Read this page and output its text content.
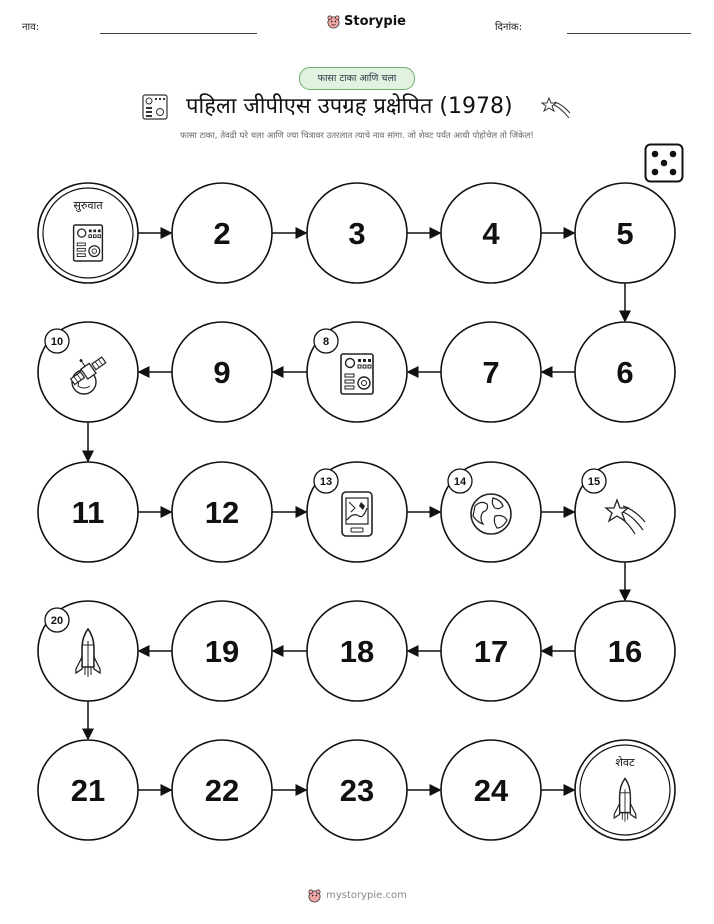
नाव:	Storypie	दिनांक:
फासा टाका आणि चला
पहिला जीपीएस उपग्रह प्रक्षेपित (1978)
फासा टाका, तेवढी घरे चला आणि ज्या चित्रावर उतरलात त्याचे नाव सांगा. जो शेवट पर्यंत आधी पोहोचेल तो जिंकेल!
सुरुवात
2	3	4	5
6
7
8
9
10
11	12
13	14	15
16
17
18
19
20
21	22	23	24
शेवट
mystorypie.com
